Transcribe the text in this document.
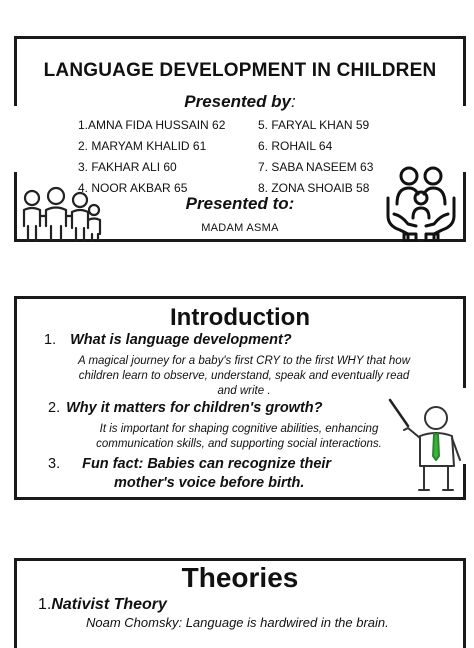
LANGUAGE DEVELOPMENT IN CHILDREN
Presented by:
1.AMNA FIDA HUSSAIN 62
2. MARYAM KHALID 61
3. FAKHAR ALI 60
4. NOOR AKBAR 65
5. FARYAL KHAN 59
6. ROHAIL 64
7. SABA NASEEM 63
8. ZONA SHOAIB 58
Presented to:
MADAM ASMA
Introduction
1. What is language development?
A magical journey for a baby's first CRY to the first WHY that how
children learn to observe, understand, speak and eventually read
and write .
2. Why it matters for children's growth?
It is important for shaping cognitive abilities, enhancing
communication skills, and supporting social interactions.
3. Fun fact: Babies can recognize their
mother's voice before birth.
Theories
1.Nativist Theory
Noam Chomsky: Language is hardwired in the brain.
